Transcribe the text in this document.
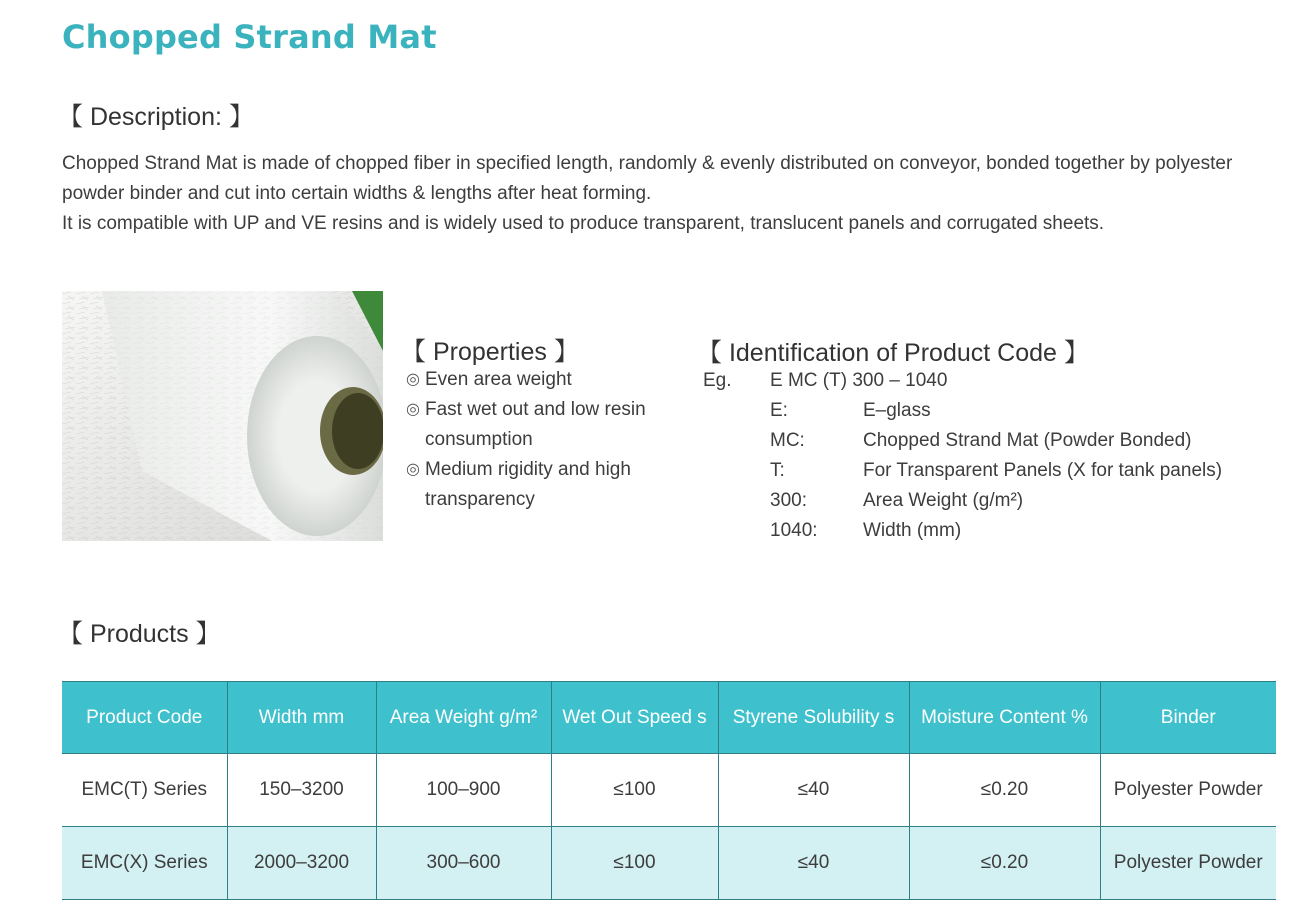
Chopped Strand Mat
【 Description: 】

Chopped Strand Mat is made of chopped fiber in specified length, randomly & evenly distributed on conveyor, bonded together by polyester powder binder and cut into certain widths & lengths after heat forming.

It is compatible with UP and VE resins and is widely used to produce transparent, translucent panels and corrugated sheets.

【 Properties 】
◎ Even area weight
◎ Fast wet out and low resin consumption
◎ Medium rigidity and high transparency
【 Identification of Product Code 】
Eg. E MC (T) 300 – 1040
E:	E–glass
MC:	Chopped Strand Mat (Powder Bonded)
T:	For Transparent Panels (X for tank panels)
300:	Area Weight (g/m²)
1040: Width (mm)
【 Products 】
Product Code	Width mm	Area Weight g/m²	Wet Out Speed s	Styrene Solubility s	Moisture Content %	Binder
EMC(T) Series	150–3200	100–900	≤100	≤40	≤0.20	Polyester Powder
EMC(X) Series	2000–3200	300–600	≤100	≤40	≤0.20	Polyester Powder
